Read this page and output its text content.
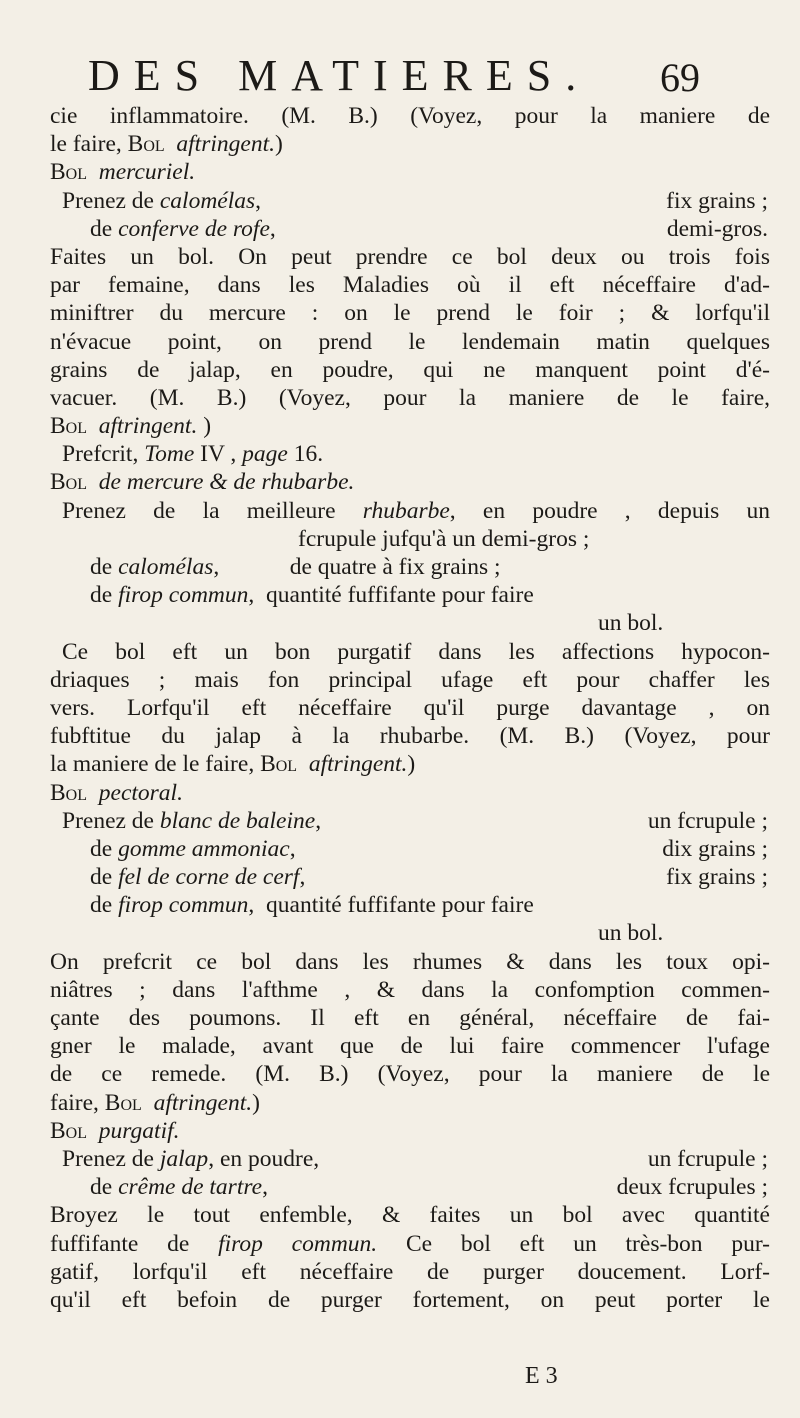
DES MATIERES. 69
cie inflammatoire. (M. B.) (Voyez, pour la maniere de
le faire, Bol aftringent.)
Bol mercuriel.
Prenez de calomélas,	fix grains ;
de conferve de rofe,	demi-gros.
Faites un bol. On peut prendre ce bol deux ou trois fois
par femaine, dans les Maladies où il eft néceffaire d'ad-
miniftrer du mercure : on le prend le foir ; & lorfqu'il
n'évacue point, on prend le lendemain matin quelques
grains de jalap, en poudre, qui ne manquent point d'é-
vacuer. (M. B.) (Voyez, pour la maniere de le faire,
Bol aftringent. )
Prefcrit, Tome IV , page 16.
Bol de mercure & de rhubarbe.
Prenez de la meilleure rhubarbe, en poudre , depuis un
fcrupule jufqu'à un demi-gros ;
de calomélas,            de quatre à fix grains ;
de firop commun,  quantité fuffifante pour faire
un bol.
Ce bol eft un bon purgatif dans les affections hypocon-
driaques ; mais fon principal ufage eft pour chaffer les
vers. Lorfqu'il eft néceffaire qu'il purge davantage , on
fubftitue du jalap à la rhubarbe. (M. B.) (Voyez, pour
la maniere de le faire, Bol aftringent.)
Bol pectoral.
Prenez de blanc de baleine,	un fcrupule ;
de gomme ammoniac,	dix grains ;
de fel de corne de cerf,	fix grains ;
de firop commun,  quantité fuffifante pour faire
un bol.
On prefcrit ce bol dans les rhumes & dans les toux opi-
niâtres ; dans l'afthme , & dans la confomption commen-
çante des poumons. Il eft en général, néceffaire de fai-
gner le malade, avant que de lui faire commencer l'ufage
de ce remede. (M. B.) (Voyez, pour la maniere de le
faire, Bol aftringent.)
Bol purgatif.
Prenez de jalap, en poudre,	un fcrupule ;
de crême de tartre,	deux fcrupules ;
Broyez le tout enfemble, & faites un bol avec quantité
fuffifante de firop commun. Ce bol eft un très-bon pur-
gatif, lorfqu'il eft néceffaire de purger doucement. Lorf-
qu'il eft befoin de purger fortement, on peut porter le
E 3
